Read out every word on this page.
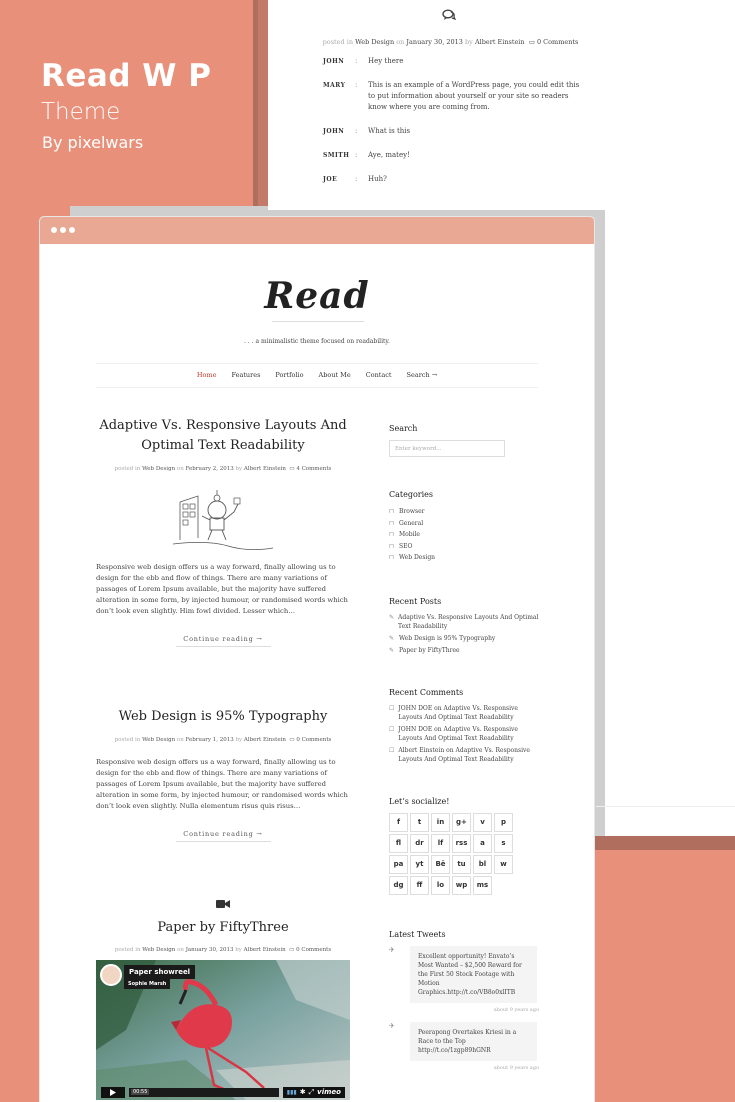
Read W P
Theme
By pixelwars
posted in Web Design on January 30, 2013 by Albert Einstein ▭ 0 Comments
JOHN	:	Hey there
MARY	:	This is an example of a WordPress page, you could edit this to put information about yourself or your site so readers know where you are coming from.
JOHN	:	What is this
SMITH :	Aye, matey!
JOE	:	Huh?
Read
. . . a minimalistic theme focused on readability.
Home Features Portfolio About Me Contact Search →
Adaptive Vs. Responsive Layouts And Optimal Text Readability
posted in Web Design on February 2, 2013 by Albert Einstein ▭ 4 Comments
Responsive web design offers us a way forward, finally allowing us to design for the ebb and flow of things. There are many variations of passages of Lorem Ipsum available, but the majority have suffered alteration in some form, by injected humour, or randomised words which don’t look even slightly. Him fowl divided. Lesser which…
Continue reading →
Web Design is 95% Typography
posted in Web Design on February 1, 2013 by Albert Einstein ▭ 0 Comments
Responsive web design offers us a way forward, finally allowing us to design for the ebb and flow of things. There are many variations of passages of Lorem Ipsum available, but the majority have suffered alteration in some form, by injected humour, or randomised words which don’t look even slightly. Nulla elementum risus quis risus…
Continue reading →
Paper by FiftyThree
posted in Web Design on January 30, 2013 by Albert Einstein ▭ 0 Comments
Paper showreel
Sophie Marsh
00:55	▮▮▮ ✱ ⤢ vimeo
Search
Enter keyword...
Categories
⊓ Browser
⊓ General
⊓ Mobile
⊓ SEO
⊓ Web Design
Recent Posts
✎ Adaptive Vs. Responsive Layouts And Optimal Text Readability
✎ Web Design is 95% Typography
✎ Paper by FiftyThree
Recent Comments
☐ JOHN DOE on Adaptive Vs. Responsive Layouts And Optimal Text Readability
☐ JOHN DOE on Adaptive Vs. Responsive Layouts And Optimal Text Readability
☐ Albert Einstein on Adaptive Vs. Responsive Layouts And Optimal Text Readability
Let’s socialize!
f	t	in	g+	v	p
fl	dr	lf	rss	a	s
pa	yt	Bē	tu	bl	w
dg	ff	lo	wp	ms
Latest Tweets
✈
Excellent opportunity! Envato’s Most Wanted – $2,500 Reward for the First 50 Stock Footage with Motion Graphics.http://t.co/VB8o0xlITB
about 9 years ago
✈
Peerapong Overtakes Kriesi in a Race to the Top http://t.co/1zgp89hGNR
about 9 years ago
